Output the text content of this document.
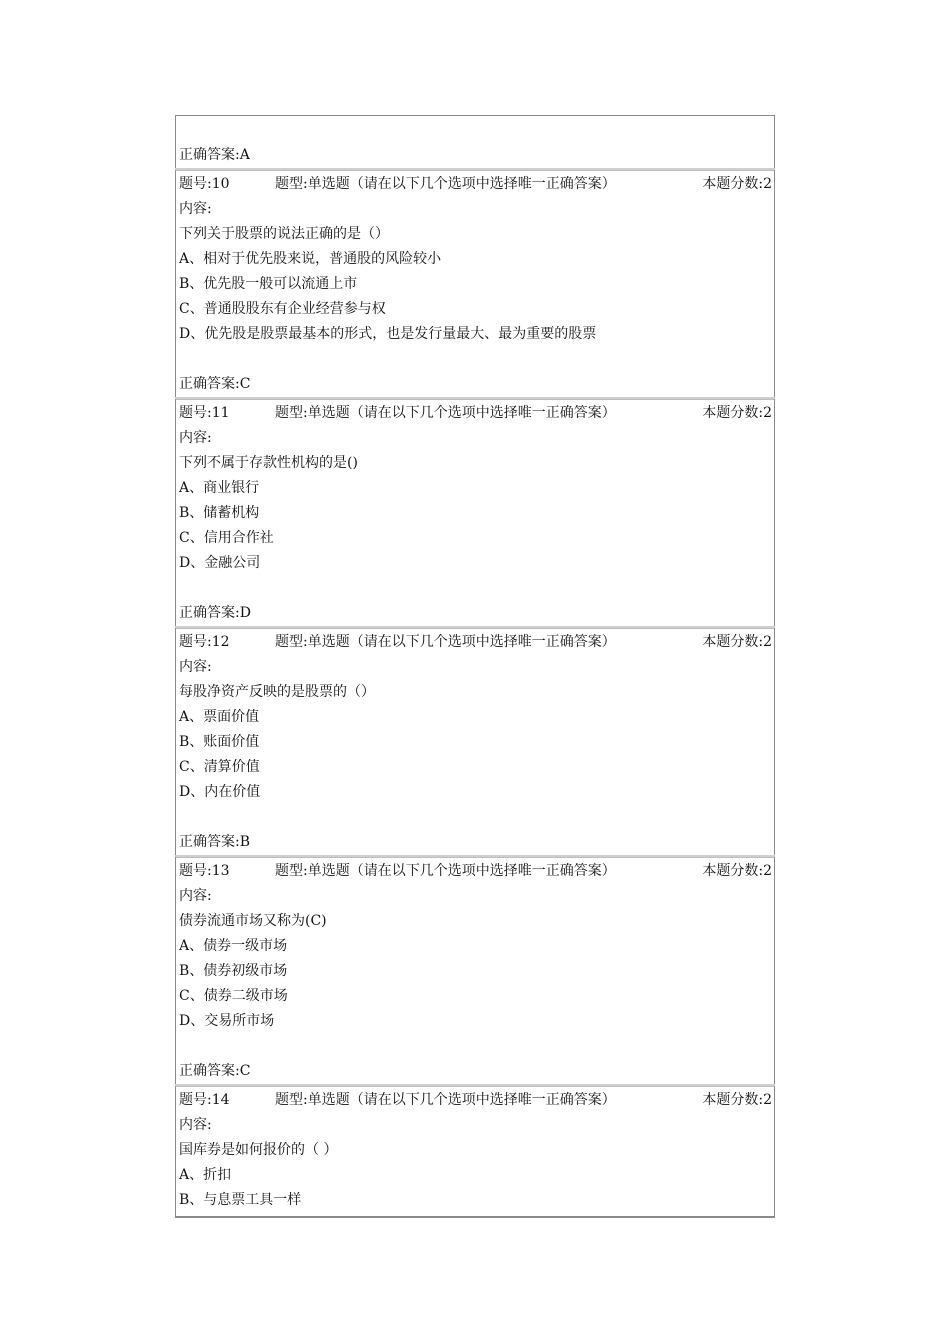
正确答案:A
题号:10	题型:单选题（请在以下几个选项中选择唯一正确答案）	本题分数:2
内容:
下列关于股票的说法正确的是（）
A、相对于优先股来说，普通股的风险较小
B、优先股一般可以流通上市
C、普通股股东有企业经营参与权
D、优先股是股票最基本的形式，也是发行量最大、最为重要的股票
正确答案:C
题号:11	题型:单选题（请在以下几个选项中选择唯一正确答案）	本题分数:2
内容:
下列不属于存款性机构的是()
A、商业银行
B、储蓄机构
C、信用合作社
D、金融公司
正确答案:D
题号:12	题型:单选题（请在以下几个选项中选择唯一正确答案）	本题分数:2
内容:
每股净资产反映的是股票的（）
A、票面价值
B、账面价值
C、清算价值
D、内在价值
正确答案:B
题号:13	题型:单选题（请在以下几个选项中选择唯一正确答案）	本题分数:2
内容:
债券流通市场又称为(C)
A、债券一级市场
B、债券初级市场
C、债券二级市场
D、交易所市场
正确答案:C
题号:14	题型:单选题（请在以下几个选项中选择唯一正确答案）	本题分数:2
内容:
国库券是如何报价的（ ）
A、折扣
B、与息票工具一样
